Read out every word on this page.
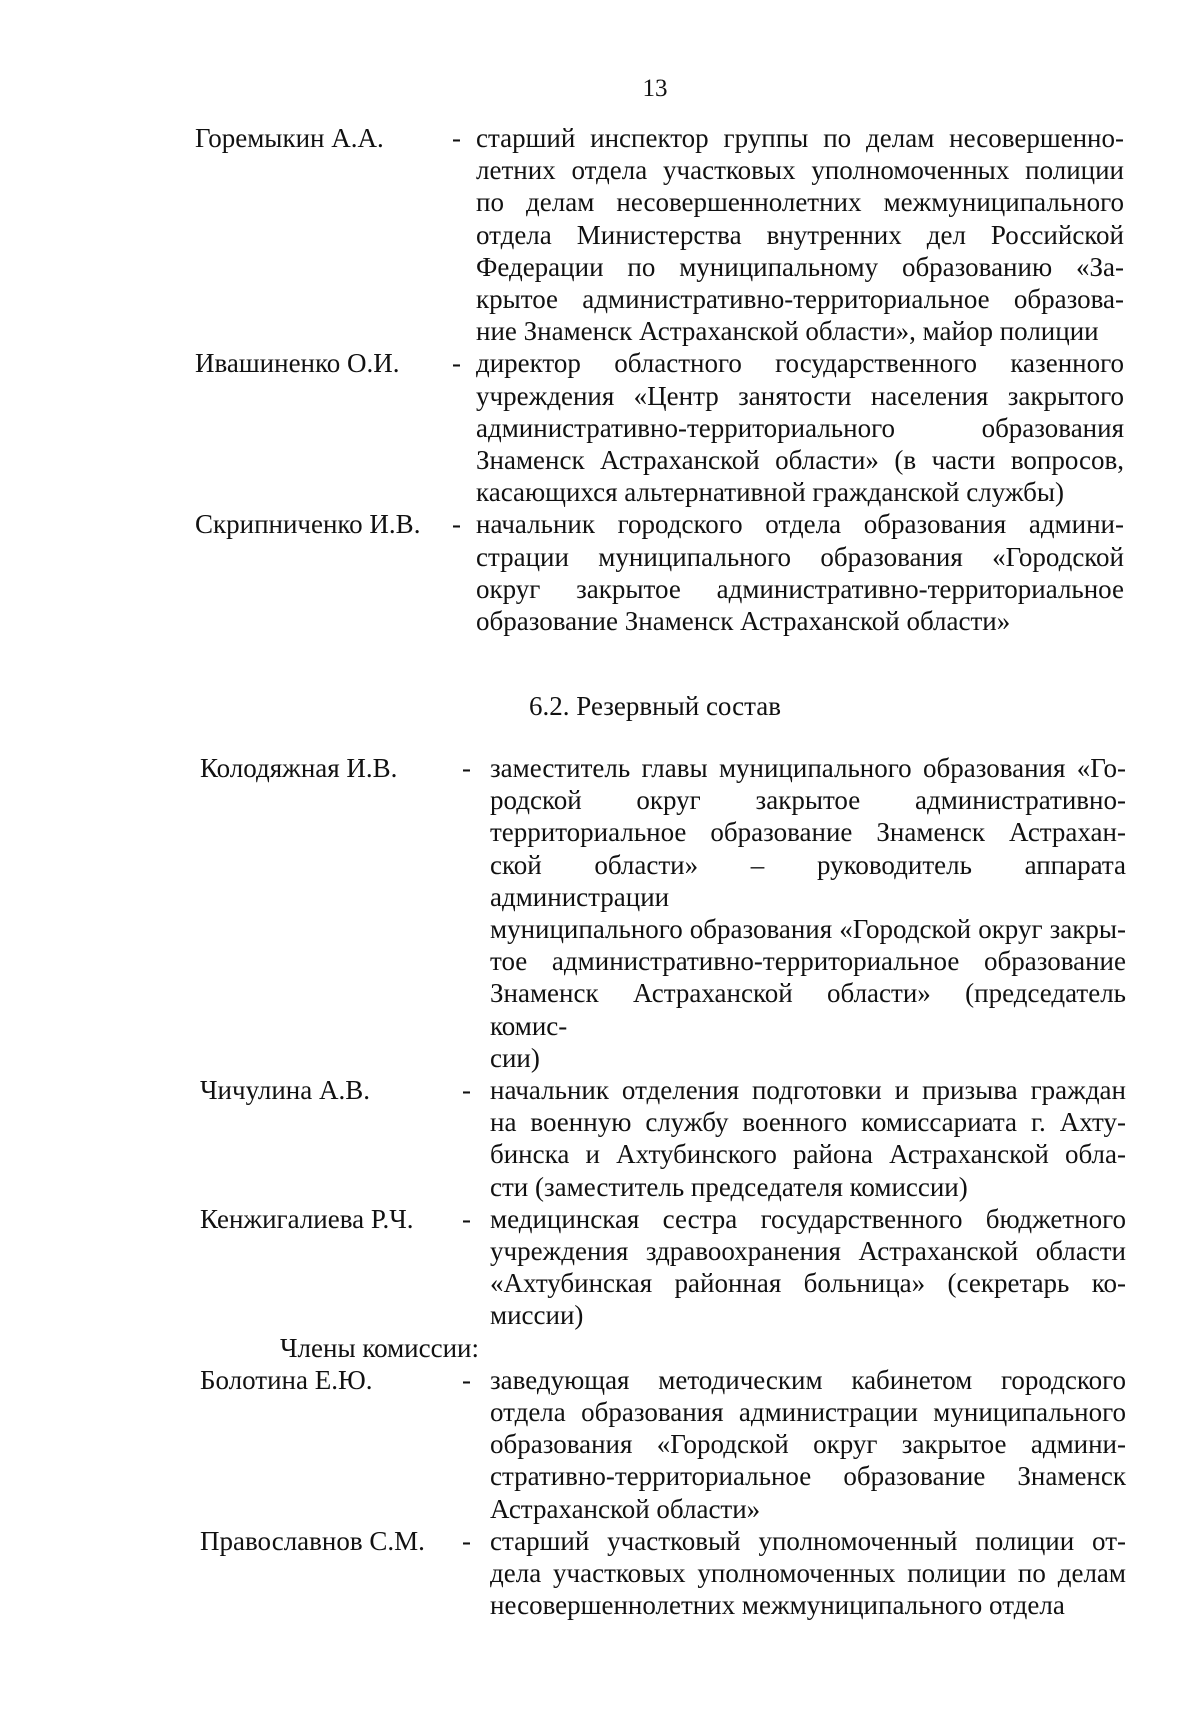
13
Горемыкин А.А.	- старший инспектор группы по делам несовершенно-
летних отдела участковых уполномоченных полиции
по делам несовершеннолетних межмуниципального
отдела Министерства внутренних дел Российской
Федерации по муниципальному образованию «За-
крытое административно-территориальное образова-
ние Знаменск Астраханской области», майор полиции
Ивашиненко О.И. - директор областного государственного казенного
учреждения «Центр занятости населения закрытого
административно-территориального образования
Знаменск Астраханской области» (в части вопросов,
касающихся альтернативной гражданской службы)
Скрипниченко И.В. - начальник городского отдела образования админи-
страции муниципального образования «Городской
округ закрытое административно-территориальное
образование Знаменск Астраханской области»
6.2. Резервный состав
Колодяжная И.В. - заместитель главы муниципального образования «Го-
родской округ закрытое административно-
территориальное образование Знаменск Астрахан-
ской области» – руководитель аппарата администрации
муниципального образования «Городской округ закры-
тое административно-территориальное образование
Знаменск Астраханской области» (председатель комис-
сии)
Чичулина А.В.	- начальник отделения подготовки и призыва граждан
на военную службу военного комиссариата г. Ахту-
бинска и Ахтубинского района Астраханской обла-
сти (заместитель председателя комиссии)
Кенжигалиева Р.Ч. - медицинская сестра государственного бюджетного
учреждения здравоохранения Астраханской области
«Ахтубинская районная больница» (секретарь ко-
миссии)
Члены комиссии:
Болотина Е.Ю.	- заведующая методическим кабинетом городского
отдела образования администрации муниципального
образования «Городской округ закрытое админи-
стративно-территориальное образование Знаменск
Астраханской области»
Православнов С.М. - старший участковый уполномоченный полиции от-
дела участковых уполномоченных полиции по делам
несовершеннолетних межмуниципального отдела
